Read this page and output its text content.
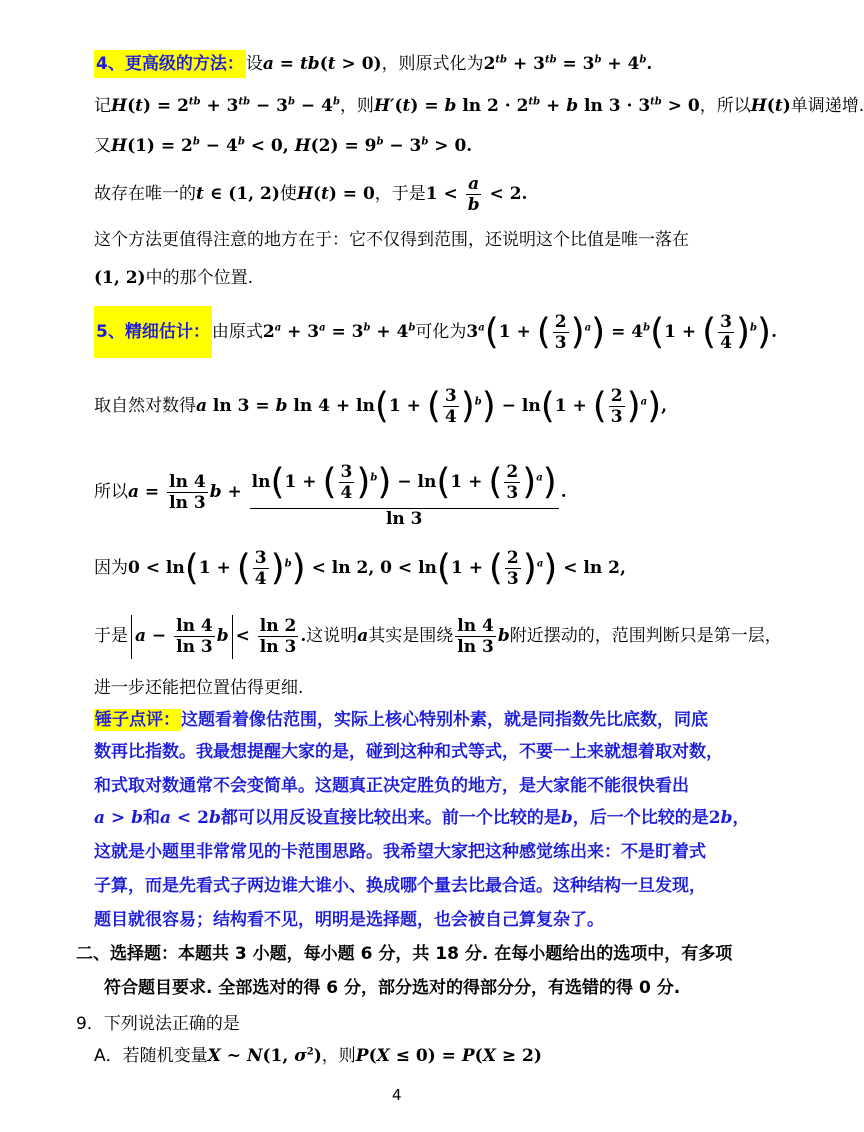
4、更高级的方法： 设a = tb(t > 0)，则原式化为$2^{tb} + 3^{tb} = 3^b + 4^b$.
记$H(t) = 2^{tb} + 3^{tb} - 3^b - 4^b$，则H′(t) = b $\ln 2 \cdot 2^{tb} + b$ $\ln 3 \cdot 3^{tb} > 0$，所以H(t)单调递增.
又$H(1) = 2^b - 4^b < 0$, $H(2) = 9^b - 3^b > 0$.
故存在唯一的t ∈ (1, 2)使H(t) = 0，于是$1 < \frac{a}{b} < 2$.
这个方法更值得注意的地方在于：它不仅得到范围，还说明这个比值是唯一落在
(1, 2)中的那个位置.
5、精细估计： 由原式$2^a + 3^a = 3^b + 4^b$可化为$3^a(1$ + ( $\frac{2}{3} )^a) = 4^b(1$ + ( $\frac{3}{4} )^b$).
取自然对数得a ln 3 = b ln 4 + ln(1 + ( $\frac{3}{4} )^b) - \ln(1$ + ( $\frac{2}{3} )^a$),
所以$a = \frac{\ln 4}{\ln 3}$ $b + \frac{\ln(1 + ( \frac{3}{4} )^b) - \ln(1 + ( \frac{2}{3} )^a)}{\ln 3}$ .
因为0 < ln(1 + ( $\frac{3}{4} )^b) < \ln 2$, 0 < ln(1 + ( $\frac{2}{3} )^a) < \ln 2$,
于是 $a - \frac{\ln 4}{\ln 3}$ $b < \frac{\ln 2}{\ln 3}$ .这说明a其实是围绕 $\frac{\ln 4}{\ln 3}$ b附近摆动的，范围判断只是第一层，
进一步还能把位置估得更细.
锤子点评：这题看着像估范围，实际上核心特别朴素，就是同指数先比底数，同底
数再比指数。我最想提醒大家的是，碰到这种和式等式，不要一上来就想着取对数，
和式取对数通常不会变简单。这题真正决定胜负的地方，是大家能不能很快看出
a > b和a < 2b都可以用反设直接比较出来。前一个比较的是b，后一个比较的是2b，
这就是小题里非常常见的卡范围思路。我希望大家把这种感觉练出来：不是盯着式
子算，而是先看式子两边谁大谁小、换成哪个量去比最合适。这种结构一旦发现，
题目就很容易；结构看不见，明明是选择题，也会被自己算复杂了。
二、选择题：本题共 3 小题，每小题 6 分，共 18 分. 在每小题给出的选项中，有多项
符合题目要求. 全部选对的得 6 分，部分选对的得部分分，有选错的得 0 分.
9．下列说法正确的是
A．若随机变量X ~ N(1, $\sigma^2$)，则P(X ≤ 0) = P(X ≥ 2)
4
